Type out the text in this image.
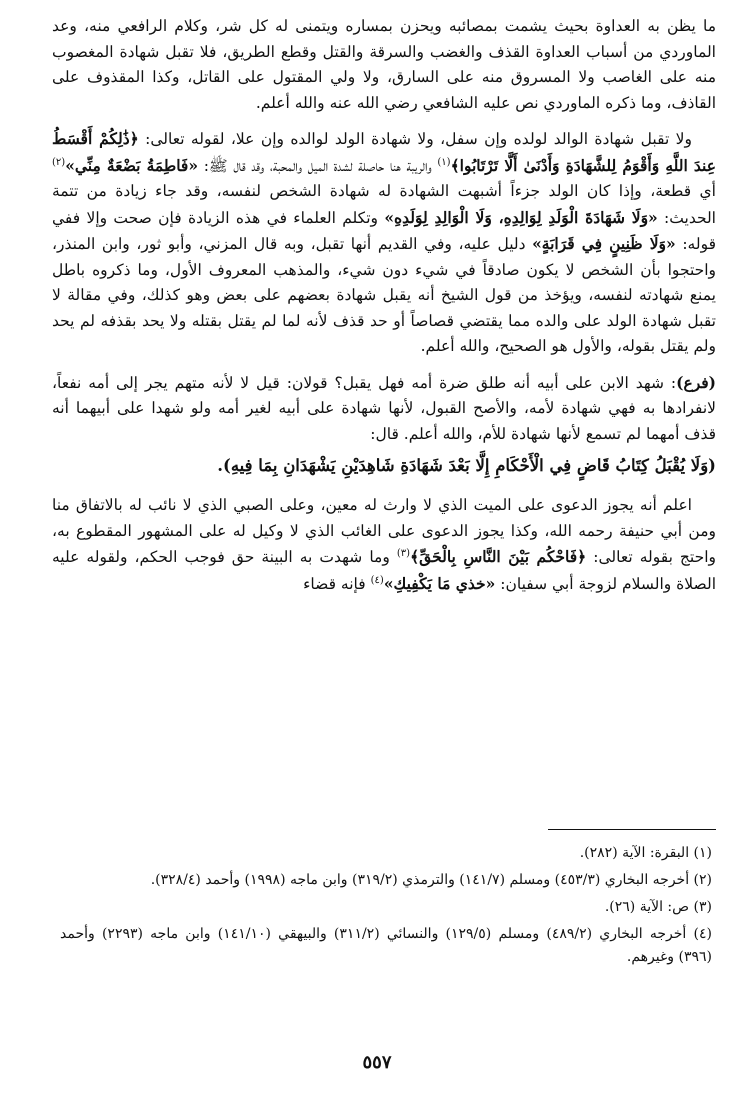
ما يظن به العداوة بحيث يشمت بمصائبه ويحزن بمساره ويتمنى له كل شر، وكلام الرافعي منه، وعد الماوردي من أسباب العداوة القذف والغضب والسرقة والقتل وقطع الطريق، فلا تقبل شهادة المغصوب منه على الغاصب ولا المسروق منه على السارق، ولا ولي المقتول على القاتل، وكذا المقذوف على القاذف، وما ذكره الماوردي نص عليه الشافعي رضي الله عنه والله أعلم.

ولا تقبل شهادة الوالد لولده وإن سفل، ولا شهادة الولد لوالده وإن علا، لقوله تعالى: ﴿ذَٰلِكُمْ أَقْسَطُ عِندَ اللَّهِ وَأَقْوَمُ لِلشَّهَادَةِ وَأَدْنَىٰ أَلَّا تَرْتَابُوا﴾$^{(١)}$ والريبة هنا حاصلة لشدة الميل والمحبة، وقد قال ﷺ: «فَاطِمَةُ بَضْعَةٌ مِنِّي»$^{(٢)}$ أي قطعة، وإذا كان الولد جزءاً أشبهت الشهادة له شهادة الشخص لنفسه، وقد جاء زيادة من تتمة الحديث: «وَلَا شَهَادَةَ الْوَلَدِ لِوَالِدِهِ، وَلَا الْوَالِدِ لِوَلَدِهِ» وتكلم العلماء في هذه الزيادة فإن صحت وإلا ففي قوله: «وَلَا ظَنِينٍ فِي قَرَابَةٍ» دليل عليه، وفي القديم أنها تقبل، وبه قال المزني، وأبو ثور، وابن المنذر، واحتجوا بأن الشخص لا يكون صادقاً في شيء دون شيء، والمذهب المعروف الأول، وما ذكروه باطل يمنع شهادته لنفسه، ويؤخذ من قول الشيخ أنه يقبل شهادة بعضهم على بعض وهو كذلك، وفي مقالة لا تقبل شهادة الولد على والده مما يقتضي قصاصاً أو حد قذف لأنه لما لم يقتل بقتله ولا يحد بقذفه لم يحد ولم يقتل بقوله، والأول هو الصحيح، والله أعلم.

(فرع): شهد الابن على أبيه أنه طلق ضرة أمه فهل يقبل؟ قولان: قيل لا لأنه متهم يجر إلى أمه نفعاً، لانفرادها به فهي شهادة لأمه، والأصح القبول، لأنها شهادة على أبيه لغير أمه ولو شهدا على أبيهما أنه قذف أمهما لم تسمع لأنها شهادة للأم، والله أعلم. قال:

(وَلَا يُقْبَلُ كِتَابُ قَاضٍ فِي الْأَحْكَامِ إِلَّا بَعْدَ شَهَادَةِ شَاهِدَيْنِ يَشْهَدَانِ بِمَا فِيهِ).

اعلم أنه يجوز الدعوى على الميت الذي لا وارث له معين، وعلى الصبي الذي لا نائب له بالاتفاق منا ومن أبي حنيفة رحمه الله، وكذا يجوز الدعوى على الغائب الذي لا وكيل له على المشهور المقطوع به، واحتج بقوله تعالى: ﴿فَاحْكُم بَيْنَ النَّاسِ بِالْحَقِّ﴾$^{(٣)}$ وما شهدت به البينة حق فوجب الحكم، ولقوله عليه الصلاة والسلام لزوجة أبي سفيان: «خذي مَا يَكْفِيكِ»$^{(٤)}$ فإنه قضاء

(١) البقرة: الآية (٢٨٢).

(٢) أخرجه البخاري (٤٥٣/٣) ومسلم (١٤١/٧) والترمذي (٣١٩/٢) وابن ماجه (١٩٩٨) وأحمد (٣٢٨/٤).

(٣) ص: الآية (٢٦).

(٤) أخرجه البخاري (٤٨٩/٢) ومسلم (١٢٩/٥) والنسائي (٣١١/٢) والبيهقي (١٤١/١٠) وابن ماجه (٢٢٩٣) وأحمد (٣٩٦) وغيرهم.

٥٥٧
